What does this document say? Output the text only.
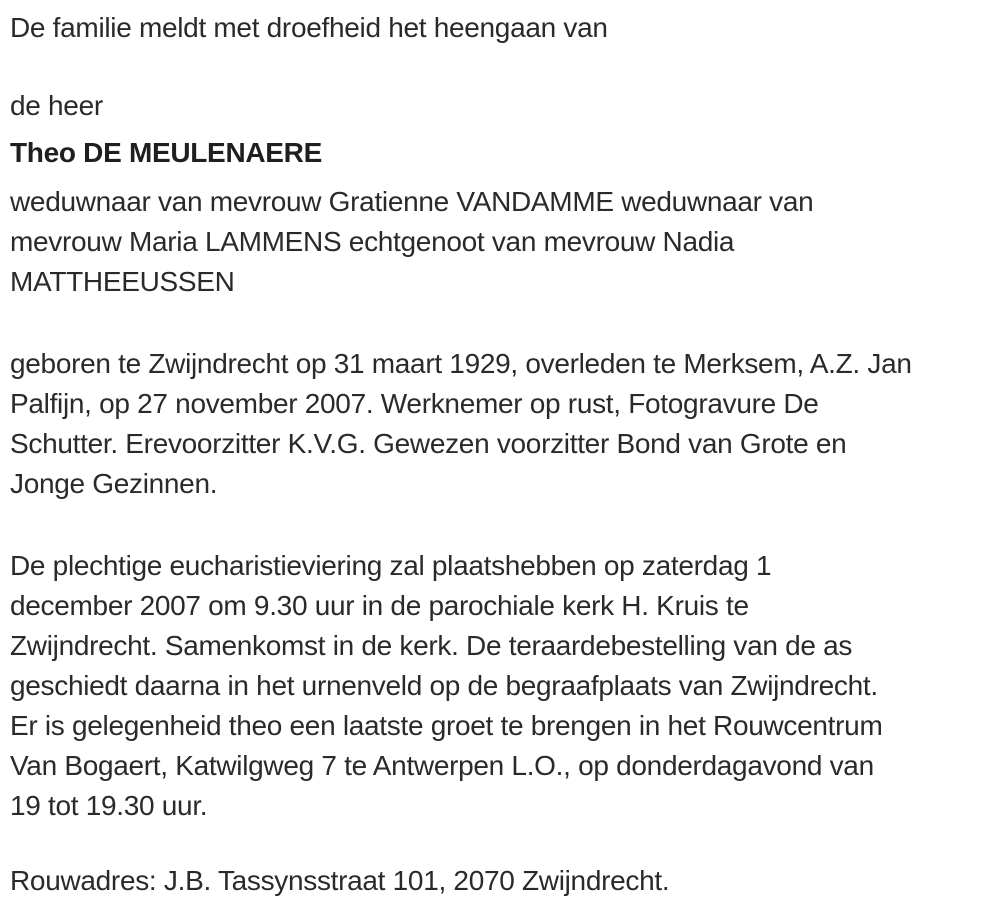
De familie meldt met droefheid het heengaan van
de heer
Theo DE MEULENAERE
weduwnaar van mevrouw Gratienne VANDAMME weduwnaar van
mevrouw Maria LAMMENS echtgenoot van mevrouw Nadia
MATTHEEUSSEN
geboren te Zwijndrecht op 31 maart 1929, overleden te Merksem, A.Z. Jan
Palfijn, op 27 november 2007. Werknemer op rust, Fotogravure De
Schutter. Erevoorzitter K.V.G. Gewezen voorzitter Bond van Grote en
Jonge Gezinnen.
De plechtige eucharistieviering zal plaatshebben op zaterdag 1
december 2007 om 9.30 uur in de parochiale kerk H. Kruis te
Zwijndrecht. Samenkomst in de kerk. De teraardebestelling van de as
geschiedt daarna in het urnenveld op de begraafplaats van Zwijndrecht.
Er is gelegenheid theo een laatste groet te brengen in het Rouwcentrum
Van Bogaert, Katwilgweg 7 te Antwerpen L.O., op donderdagavond van
19 tot 19.30 uur.
Rouwadres: J.B. Tassynsstraat 101, 2070 Zwijndrecht.
